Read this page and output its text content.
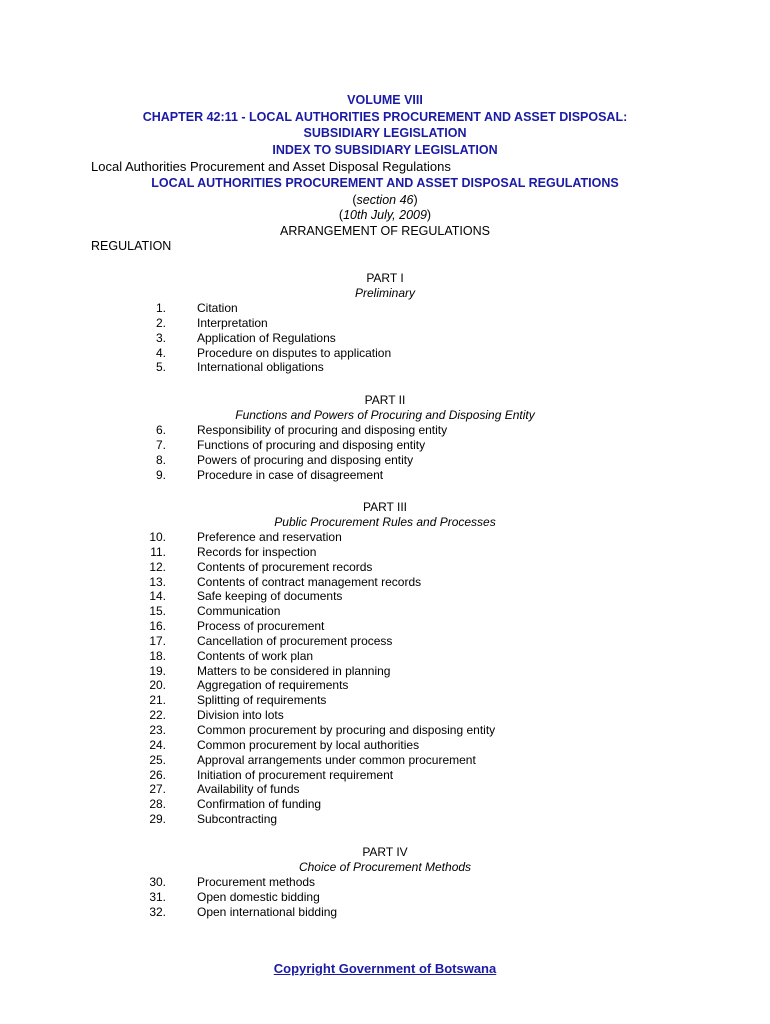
VOLUME VIII
CHAPTER 42:11 - LOCAL AUTHORITIES PROCUREMENT AND ASSET DISPOSAL:
SUBSIDIARY LEGISLATION
INDEX TO SUBSIDIARY LEGISLATION
Local Authorities Procurement and Asset Disposal Regulations
LOCAL AUTHORITIES PROCUREMENT AND ASSET DISPOSAL REGULATIONS
(section 46)
(10th July, 2009)
ARRANGEMENT OF REGULATIONS
REGULATION
PART I
Preliminary
1.	Citation
2.	Interpretation
3.	Application of Regulations
4.	Procedure on disputes to application
5.	International obligations
PART II
Functions and Powers of Procuring and Disposing Entity
6.	Responsibility of procuring and disposing entity
7.	Functions of procuring and disposing entity
8.	Powers of procuring and disposing entity
9.	Procedure in case of disagreement
PART III
Public Procurement Rules and Processes
10.	Preference and reservation
11.	Records for inspection
12.	Contents of procurement records
13.	Contents of contract management records
14.	Safe keeping of documents
15.	Communication
16.	Process of procurement
17.	Cancellation of procurement process
18.	Contents of work plan
19.	Matters to be considered in planning
20.	Aggregation of requirements
21.	Splitting of requirements
22.	Division into lots
23.	Common procurement by procuring and disposing entity
24.	Common procurement by local authorities
25.	Approval arrangements under common procurement
26.	Initiation of procurement requirement
27.	Availability of funds
28.	Confirmation of funding
29.	Subcontracting
PART IV
Choice of Procurement Methods
30.	Procurement methods
31.	Open domestic bidding
32.	Open international bidding
Copyright Government of Botswana
